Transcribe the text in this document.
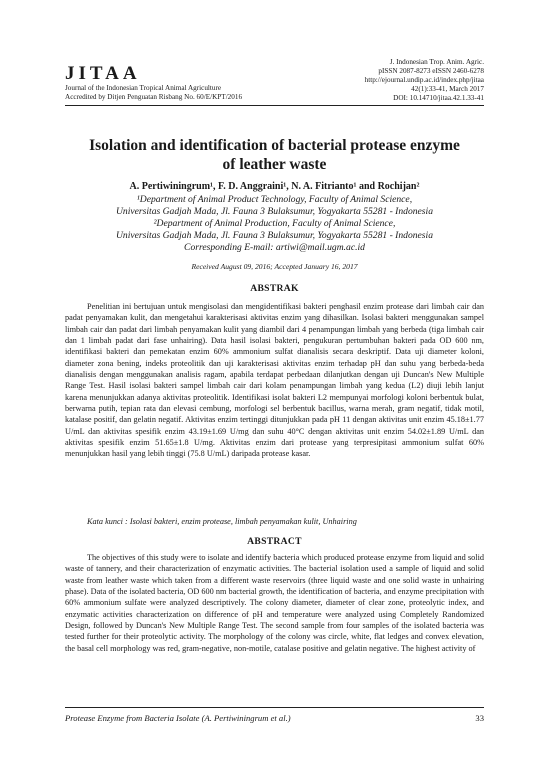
JITAA
Journal of the Indonesian Tropical Animal Agriculture
Accredited by Ditjen Penguatan Risbang No. 60/E/KPT/2016
J. Indonesian Trop. Anim. Agric.
pISSN 2087-8273 eISSN 2460-6278
http://ejournal.undip.ac.id/index.php/jitaa
42(1):33-41, March 2017
DOI: 10.14710/jitaa.42.1.33-41
Isolation and identification of bacterial protease enzyme
of leather waste
A. Pertiwiningrum¹, F. D. Anggraini¹, N. A. Fitrianto¹ and Rochijan²
¹Department of Animal Product Technology, Faculty of Animal Science,
Universitas Gadjah Mada, Jl. Fauna 3 Bulaksumur, Yogyakarta 55281 - Indonesia
²Department of Animal Production, Faculty of Animal Science,
Universitas Gadjah Mada, Jl. Fauna 3 Bulaksumur, Yogyakarta 55281 - Indonesia
Corresponding E-mail: artiwi@mail.ugm.ac.id
Received August 09, 2016; Accepted January 16, 2017
ABSTRAK

Penelitian ini bertujuan untuk mengisolasi dan mengidentifikasi bakteri penghasil enzim protease dari limbah cair dan padat penyamakan kulit, dan mengetahui karakterisasi aktivitas enzim yang dihasilkan. Isolasi bakteri menggunakan sampel limbah cair dan padat dari limbah penyamakan kulit yang diambil dari 4 penampungan limbah yang berbeda (tiga limbah cair dan 1 limbah padat dari fase unhairing). Data hasil isolasi bakteri, pengukuran pertumbuhan bakteri pada OD 600 nm, identifikasi bakteri dan pemekatan enzim 60% ammonium sulfat dianalisis secara deskriptif. Data uji diameter koloni, diameter zona bening, indeks proteolitik dan uji karakterisasi aktivitas enzim terhadap pH dan suhu yang berbeda-beda dianalisis dengan menggunakan analisis ragam, apabila terdapat perbedaan dilanjutkan dengan uji Duncan's New Multiple Range Test. Hasil isolasi bakteri sampel limbah cair dari kolam penampungan limbah yang kedua (L2) diuji lebih lanjut karena menunjukkan adanya aktivitas proteolitik. Identifikasi isolat bakteri L2 mempunyai morfologi koloni berbentuk bulat, berwarna putih, tepian rata dan elevasi cembung, morfologi sel berbentuk bacillus, warna merah, gram negatif, tidak motil, katalase positif, dan gelatin negatif. Aktivitas enzim tertinggi ditunjukkan pada pH 11 dengan aktivitas unit enzim 45.18±1.77 U/mL dan aktivitas spesifik enzim 43.19±1.69 U/mg dan suhu 40°C dengan aktivitas unit enzim 54.02±1.89 U/mL dan aktivitas spesifik enzim 51.65±1.8 U/mg. Aktivitas enzim dari protease yang terpresipitasi ammonium sulfat 60% menunjukkan hasil yang lebih tinggi (75.8 U/mL) daripada protease kasar.

Kata kunci : Isolasi bakteri, enzim protease, limbah penyamakan kulit, Unhairing
ABSTRACT

The objectives of this study were to isolate and identify bacteria which produced protease enzyme from liquid and solid waste of tannery, and their characterization of enzymatic activities. The bacterial isolation used a sample of liquid and solid waste from leather waste which taken from a different waste reservoirs (three liquid waste and one solid waste in unhairing phase). Data of the isolated bacteria, OD 600 nm bacterial growth, the identification of bacteria, and enzyme precipitation with 60% ammonium sulfate were analyzed descriptively. The colony diameter, diameter of clear zone, proteolytic index, and enzymatic activities characterization on difference of pH and temperature were analyzed using Completely Randomized Design, followed by Duncan's New Multiple Range Test. The second sample from four samples of the isolated bacteria was tested further for their proteolytic activity. The morphology of the colony was circle, white, flat ledges and convex elevation, the basal cell morphology was red, gram-negative, non-motile, catalase positive and gelatin negative. The highest activity of

Protease Enzyme from Bacteria Isolate (A. Pertiwiningrum et al.)	33
